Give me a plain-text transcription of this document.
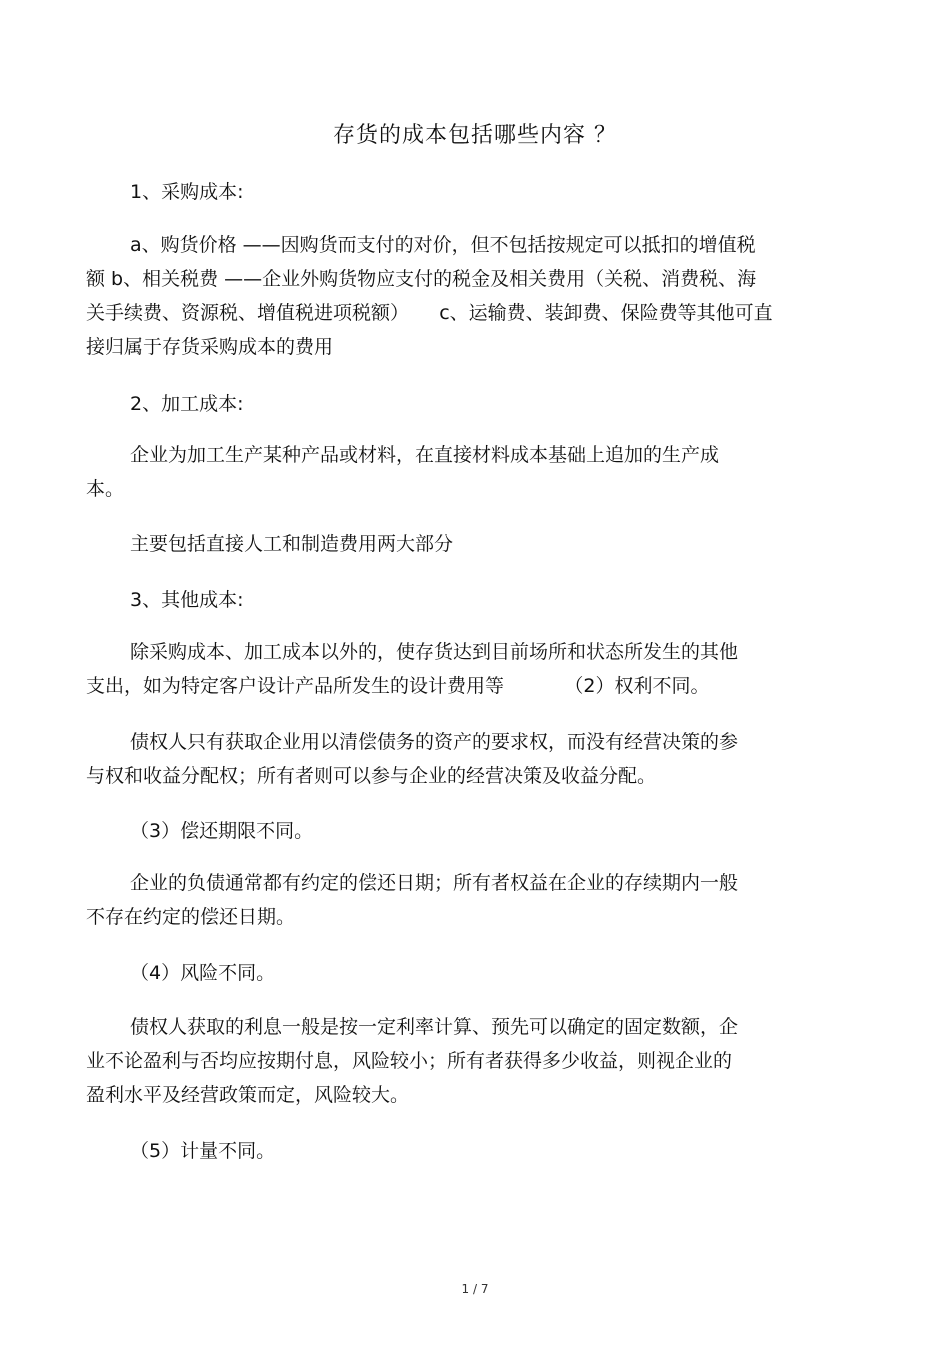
存货的成本包括哪些内容 ？
1、采购成本:
a、购货价格 ——因购货而支付的对价，但不包括按规定可以抵扣的增值税
额 b、相关税费 ——企业外购货物应支付的税金及相关费用（关税、消费税、海
关手续费、资源税、增值税进项税额）     c、运输费、装卸费、保险费等其他可直
接归属于存货采购成本的费用
2、加工成本:
企业为加工生产某种产品或材料，在直接材料成本基础上追加的生产成
本。
主要包括直接人工和制造费用两大部分
3、其他成本:
除采购成本、加工成本以外的，使存货达到目前场所和状态所发生的其他
支出，如为特定客户设计产品所发生的设计费用等          （2）权利不同。
债权人只有获取企业用以清偿债务的资产的要求权，而没有经营决策的参
与权和收益分配权；所有者则可以参与企业的经营决策及收益分配。
（3）偿还期限不同。
企业的负债通常都有约定的偿还日期；所有者权益在企业的存续期内一般
不存在约定的偿还日期。
（4）风险不同。
债权人获取的利息一般是按一定利率计算、预先可以确定的固定数额，企
业不论盈利与否均应按期付息，风险较小；所有者获得多少收益，则视企业的
盈利水平及经营政策而定，风险较大。
（5）计量不同。
1 / 7
